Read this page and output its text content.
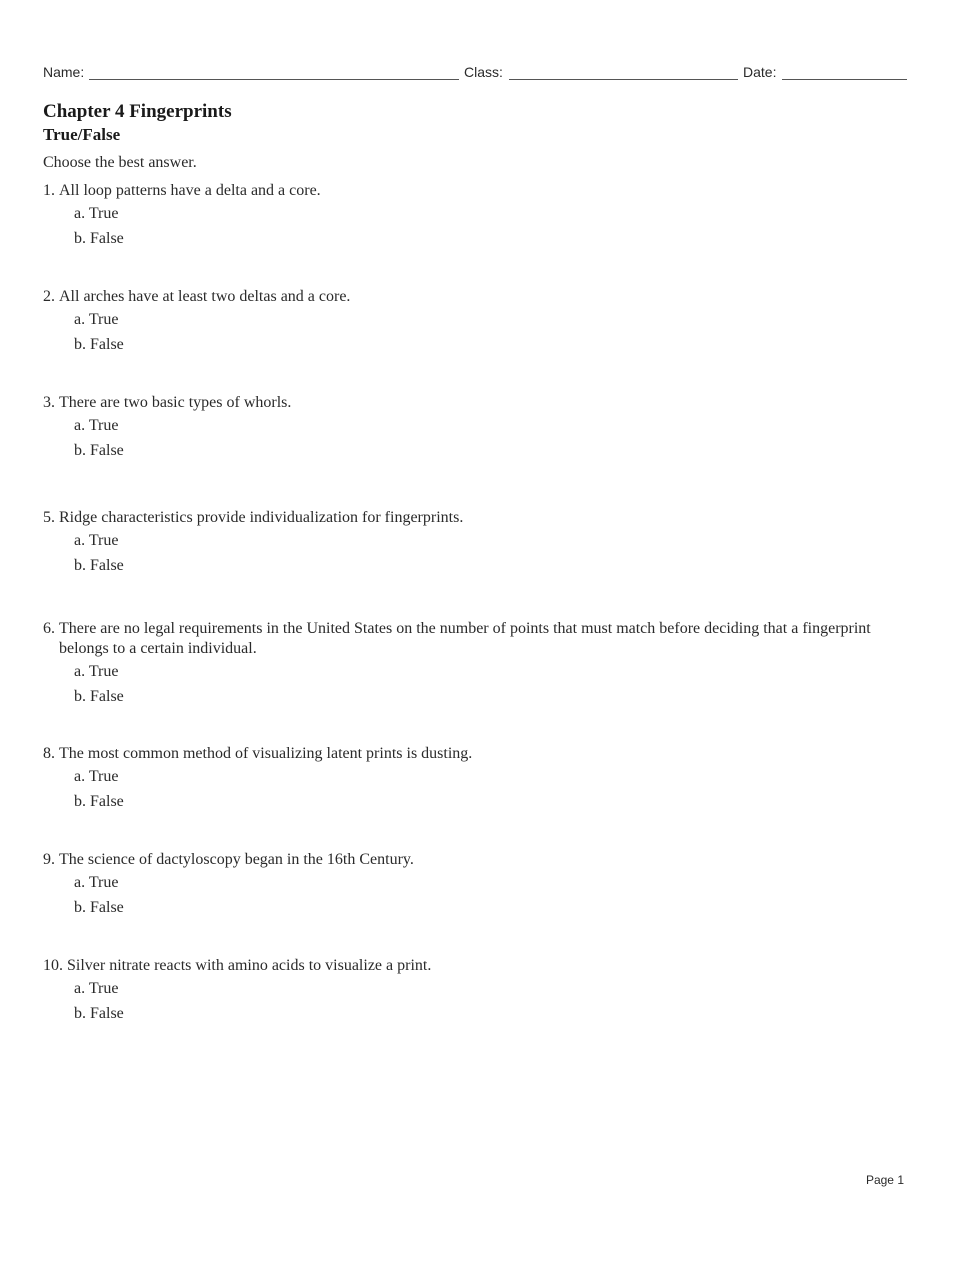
Name:	Class:	Date:
Chapter 4 Fingerprints
True/False
Choose the best answer.
1. All loop patterns have a delta and a core.
a. True
b. False
2. All arches have at least two deltas and a core.
a. True
b. False
3. There are two basic types of whorls.
a. True
b. False
5. Ridge characteristics provide individualization for fingerprints.
a. True
b. False
6. There are no legal requirements in the United States on the number of points that must match before deciding that a fingerprint belongs to a certain individual.
a. True
b. False
8. The most common method of visualizing latent prints is dusting.
a. True
b. False
9. The science of dactyloscopy began in the 16th Century.
a. True
b. False
10. Silver nitrate reacts with amino acids to visualize a print.
a. True
b. False
Page 1
